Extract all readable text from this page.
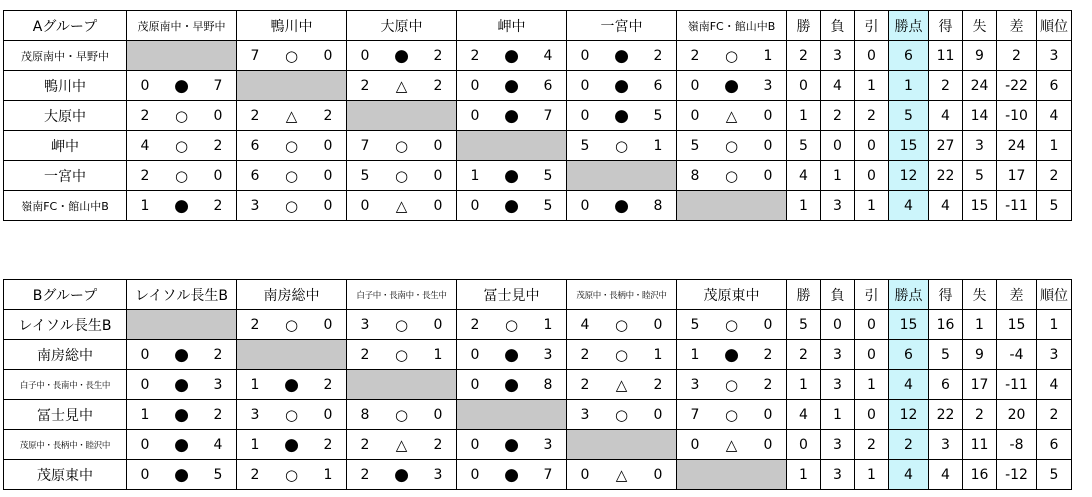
Aグループ	茂原南中・早野中	鴨川中	大原中	岬中	一宮中	嶺南FC・館山中B	勝	負	引	勝点	得	失	差	順位
茂原南中・早野中		7 ○ 0	0 ● 2	2 ● 4	0 ● 2	2 ○ 1	2	3	0	6	11	9	2	3
鴨川中	0 ● 7		2 △ 2	0 ● 6	0 ● 6	0 ● 3	0	4	1	1	2	24	-22	6
大原中	2 ○ 0	2 △ 2		0 ● 7	0 ● 5	0 △ 0	1	2	2	5	4	14	-10	4
岬中	4 ○ 2	6 ○ 0	7 ○ 0		5 ○ 1	5 ○ 0	5	0	0	15	27	3	24	1
一宮中	2 ○ 0	6 ○ 0	5 ○ 0	1 ● 5		8 ○ 0	4	1	0	12	22	5	17	2
嶺南FC・館山中B	1 ● 2	3 ○ 0	0 △ 0	0 ● 5	0 ● 8		1	3	1	4	4	15	-11	5
Bグループ	レイソル長生B	南房総中	白子中・長南中・長生中	冨士見中	茂原中・長柄中・睦沢中	茂原東中	勝	負	引	勝点	得	失	差	順位
レイソル長生B		2 ○ 0	3 ○ 0	2 ○ 1	4 ○ 0	5 ○ 0	5	0	0	15	16	1	15	1
南房総中	0 ● 2		2 ○ 1	0 ● 3	2 ○ 1	1 ● 2	2	3	0	6	5	9	-4	3
白子中・長南中・長生中	0 ● 3	1 ● 2		0 ● 8	2 △ 2	3 ○ 2	1	3	1	4	6	17	-11	4
冨士見中	1 ● 2	3 ○ 0	8 ○ 0		3 ○ 0	7 ○ 0	4	1	0	12	22	2	20	2
茂原中・長柄中・睦沢中	0 ● 4	1 ● 2	2 △ 2	0 ● 3		0 △ 0	0	3	2	2	3	11	-8	6
茂原東中	0 ● 5	2 ○ 1	2 ● 3	0 ● 7	0 △ 0		1	3	1	4	4	16	-12	5
